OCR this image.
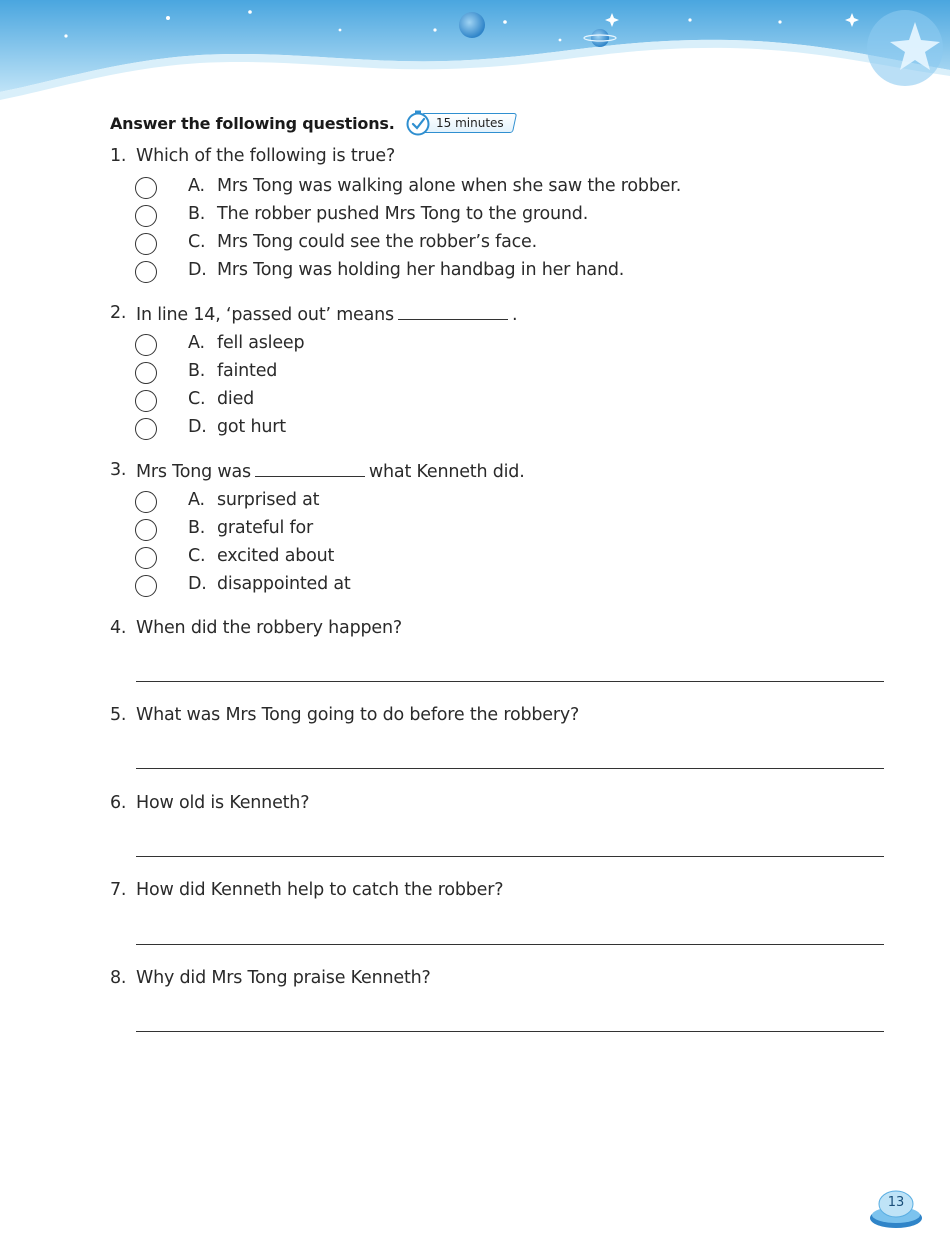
Answer the following questions.	15 minutes
1. Which of the following is true?
A. Mrs Tong was walking alone when she saw the robber.
B. The robber pushed Mrs Tong to the ground.
C. Mrs Tong could see the robber’s face.
D. Mrs Tong was holding her handbag in her hand.
2. In line 14, ‘passed out’ means	.
A. fell asleep
B. fainted
C. died
D. got hurt
3. Mrs Tong was	what Kenneth did.
A. surprised at
B. grateful for
C. excited about
D. disappointed at
4. When did the robbery happen?
5. What was Mrs Tong going to do before the robbery?
6. How old is Kenneth?
7. How did Kenneth help to catch the robber?
8. Why did Mrs Tong praise Kenneth?
13
